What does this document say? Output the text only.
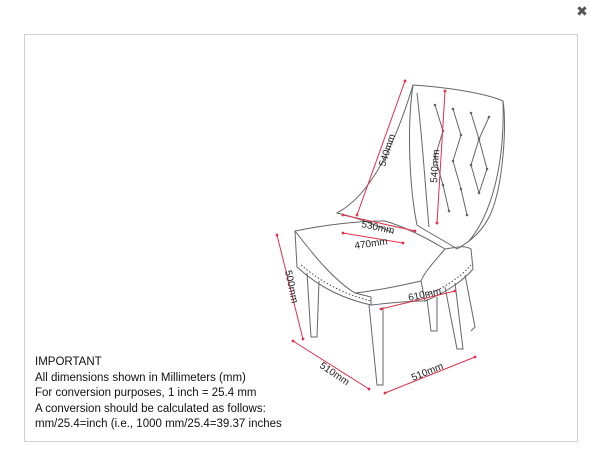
✖
540mm	540mm
530mm
470mm
500mm	610mm
510mm	510mm
IMPORTANT
All dimensions shown in Millimeters (mm)
For conversion purposes, 1 inch = 25.4 mm
A conversion should be calculated as follows:
mm/25.4=inch (i.e., 1000 mm/25.4=39.37 inches
